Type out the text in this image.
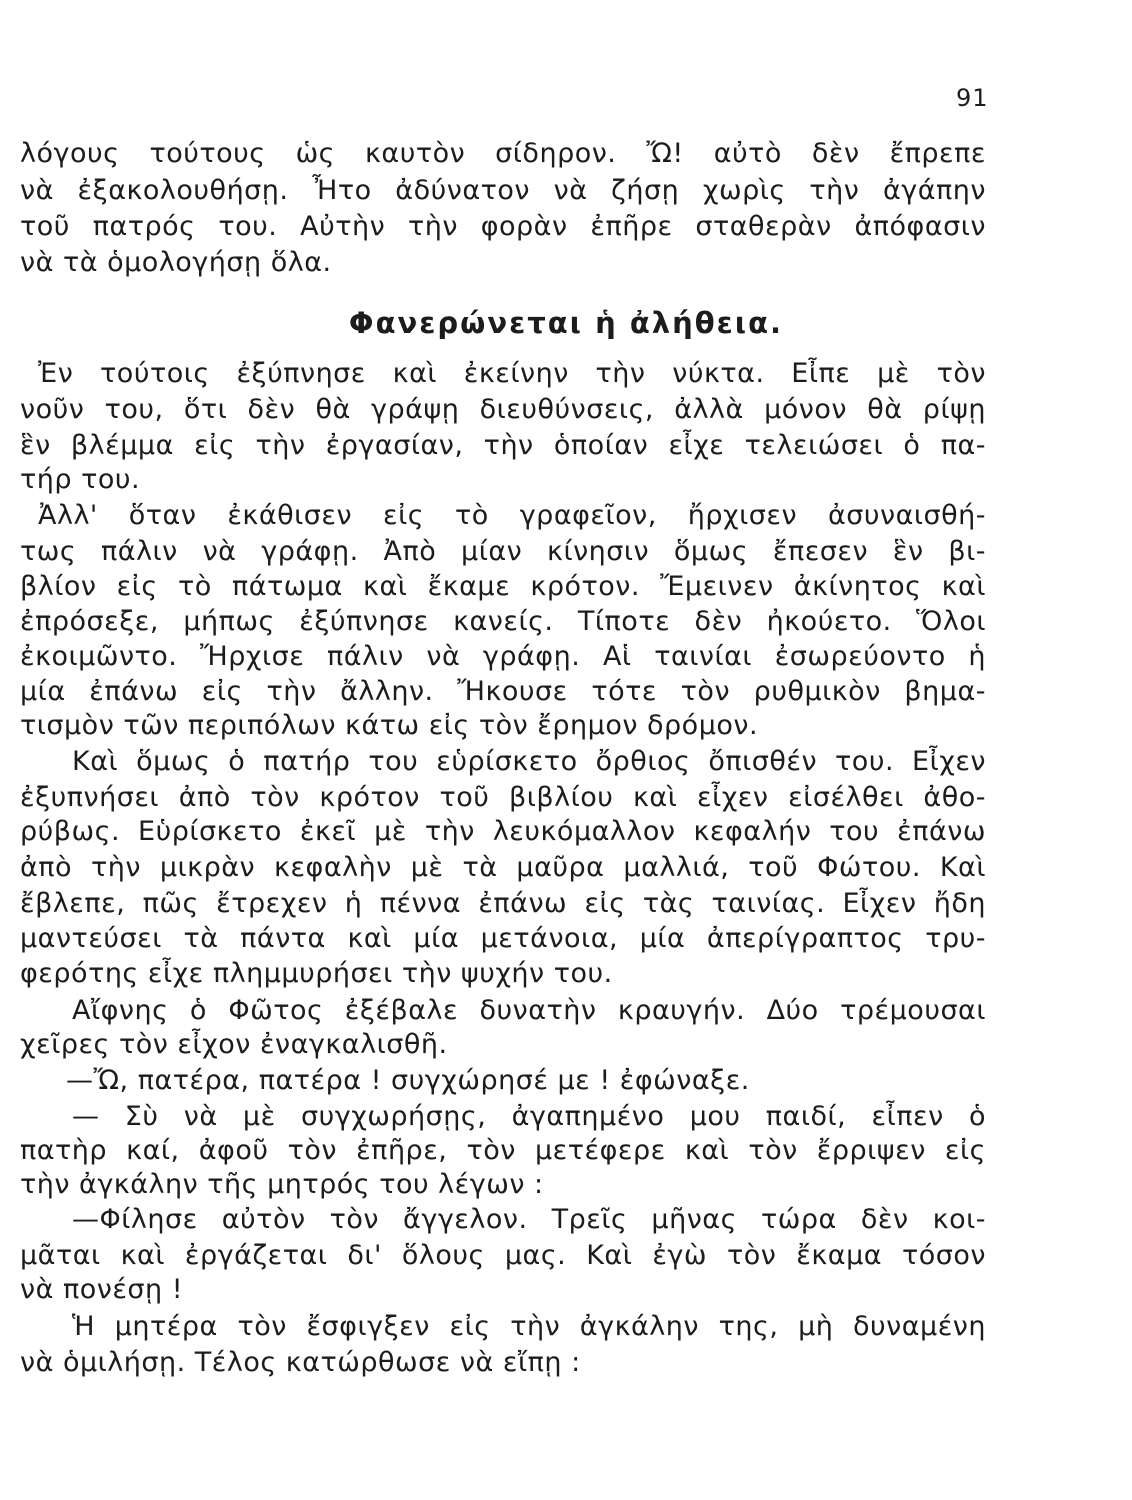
91
λόγους τούτους ὡς καυτὸν σίδηρον. Ὤ! αὐτὸ δὲν ἔπρεπε
νὰ ἐξακολουθήσῃ. Ἦτο ἀδύνατον νὰ ζήσῃ χωρὶς τὴν ἀγάπην
τοῦ πατρός του. Αὐτὴν τὴν φορὰν ἐπῆρε σταθερὰν ἀπόφασιν
νὰ τὰ ὁμολογήσῃ ὅλα.
Φανερώνεται ἡ ἀλήθεια.
Ἐν τούτοις ἐξύπνησε καὶ ἐκείνην τὴν νύκτα. Εἶπε μὲ τὸν
νοῦν του, ὅτι δὲν θὰ γράψῃ διευθύνσεις, ἀλλὰ μόνον θὰ ρίψῃ
ἓν βλέμμα εἰς τὴν ἐργασίαν, τὴν ὁποίαν εἶχε τελειώσει ὁ πα-
τήρ του.
Ἀλλ' ὅταν ἐκάθισεν εἰς τὸ γραφεῖον, ἤρχισεν ἀσυναισθή-
τως πάλιν νὰ γράφῃ. Ἀπὸ μίαν κίνησιν ὅμως ἔπεσεν ἓν βι-
βλίον εἰς τὸ πάτωμα καὶ ἔκαμε κρότον. Ἔμεινεν ἀκίνητος καὶ
ἐπρόσεξε, μήπως ἐξύπνησε κανείς. Τίποτε δὲν ἠκούετο. Ὅλοι
ἐκοιμῶντο. Ἤρχισε πάλιν νὰ γράφῃ. Αἱ ταινίαι ἐσωρεύοντο ἡ
μία ἐπάνω εἰς τὴν ἄλλην. Ἤκουσε τότε τὸν ρυθμικὸν βημα-
τισμὸν τῶν περιπόλων κάτω εἰς τὸν ἔρημον δρόμον.
Καὶ ὅμως ὁ πατήρ του εὑρίσκετο ὄρθιος ὄπισθέν του. Εἶχεν
ἐξυπνήσει ἀπὸ τὸν κρότον τοῦ βιβλίου καὶ εἶχεν εἰσέλθει ἀθο-
ρύβως. Εὑρίσκετο ἐκεῖ μὲ τὴν λευκόμαλλον κεφαλήν του ἐπάνω
ἀπὸ τὴν μικρὰν κεφαλὴν μὲ τὰ μαῦρα μαλλιά, τοῦ Φώτου. Καὶ
ἔβλεπε, πῶς ἔτρεχεν ἡ πέννα ἐπάνω εἰς τὰς ταινίας. Εἶχεν ἤδη
μαντεύσει τὰ πάντα καὶ μία μετάνοια, μία ἀπερίγραπτος τρυ-
φερότης εἶχε πλημμυρήσει τὴν ψυχήν του.
Αἴφνης ὁ Φῶτος ἐξέβαλε δυνατὴν κραυγήν. Δύο τρέμουσαι
χεῖρες τὸν εἶχον ἐναγκαλισθῆ.
—Ὤ, πατέρα, πατέρα ! συγχώρησέ με ! ἐφώναξε.
— Σὺ νὰ μὲ συγχωρήσῃς, ἀγαπημένο μου παιδί, εἶπεν ὁ
πατὴρ καί, ἀφοῦ τὸν ἐπῆρε, τὸν μετέφερε καὶ τὸν ἔρριψεν εἰς
τὴν ἀγκάλην τῆς μητρός του λέγων :
—Φίλησε αὐτὸν τὸν ἄγγελον. Τρεῖς μῆνας τώρα δὲν κοι-
μᾶται καὶ ἐργάζεται δι' ὅλους μας. Καὶ ἐγὼ τὸν ἔκαμα τόσον
νὰ πονέσῃ !
Ἡ μητέρα τὸν ἔσφιγξεν εἰς τὴν ἀγκάλην της, μὴ δυναμένη
νὰ ὁμιλήσῃ. Τέλος κατώρθωσε νὰ εἴπῃ :
